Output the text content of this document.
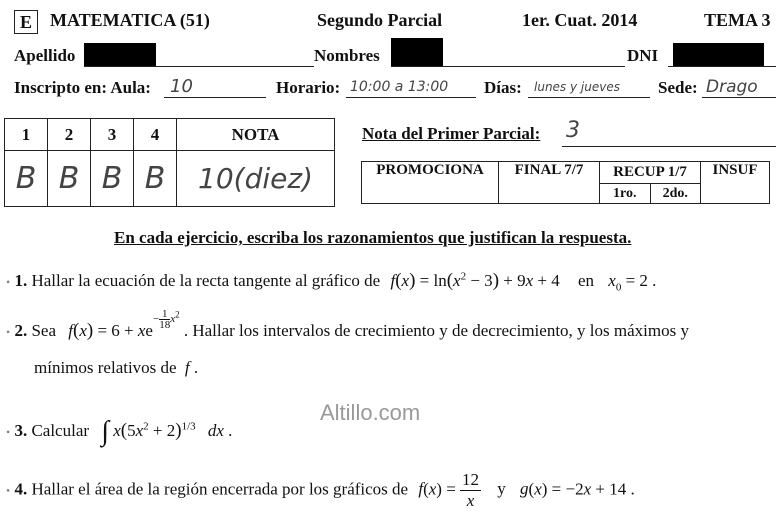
E	MATEMATICA (51)	Segundo Parcial	1er. Cuat. 2014	TEMA 3
Apellido	Nombres	DNI
Inscripto en: Aula: 10	Horario: 10:00 a 13:00 Días: lunes y jueves Sede: Drago
1	2	3	4	NOTA
B	B	B	B	10(diez)
Nota del Primer Parcial: 3
PROMOCIONA	FINAL 7/7	RECUP 1/7		INSUF
		1ro.	2do.	
En cada ejercicio, escriba los razonamientos que justifican la respuesta.
• 1. Hallar la ecuación de la recta tangente al gráfico de $f(x) = \ln(x^2 - 3) + 9x + 4$ en $x_0 = 2$ .
• 2. Sea $f(x) = 6 + xe^{- \frac{1}{18} x^2}$ . Hallar los intervalos de crecimiento y de decrecimiento, y los máximos y
mínimos relativos de f .
• 3. Calcular ∫ $x(5x^2 + 2)^{1/3}$ dx .
Altillo.com
• 4. Hallar el área de la región encerrada por los gráficos de $f(x) = \frac{12}{x}$ y g(x) = −2x + 14 .
